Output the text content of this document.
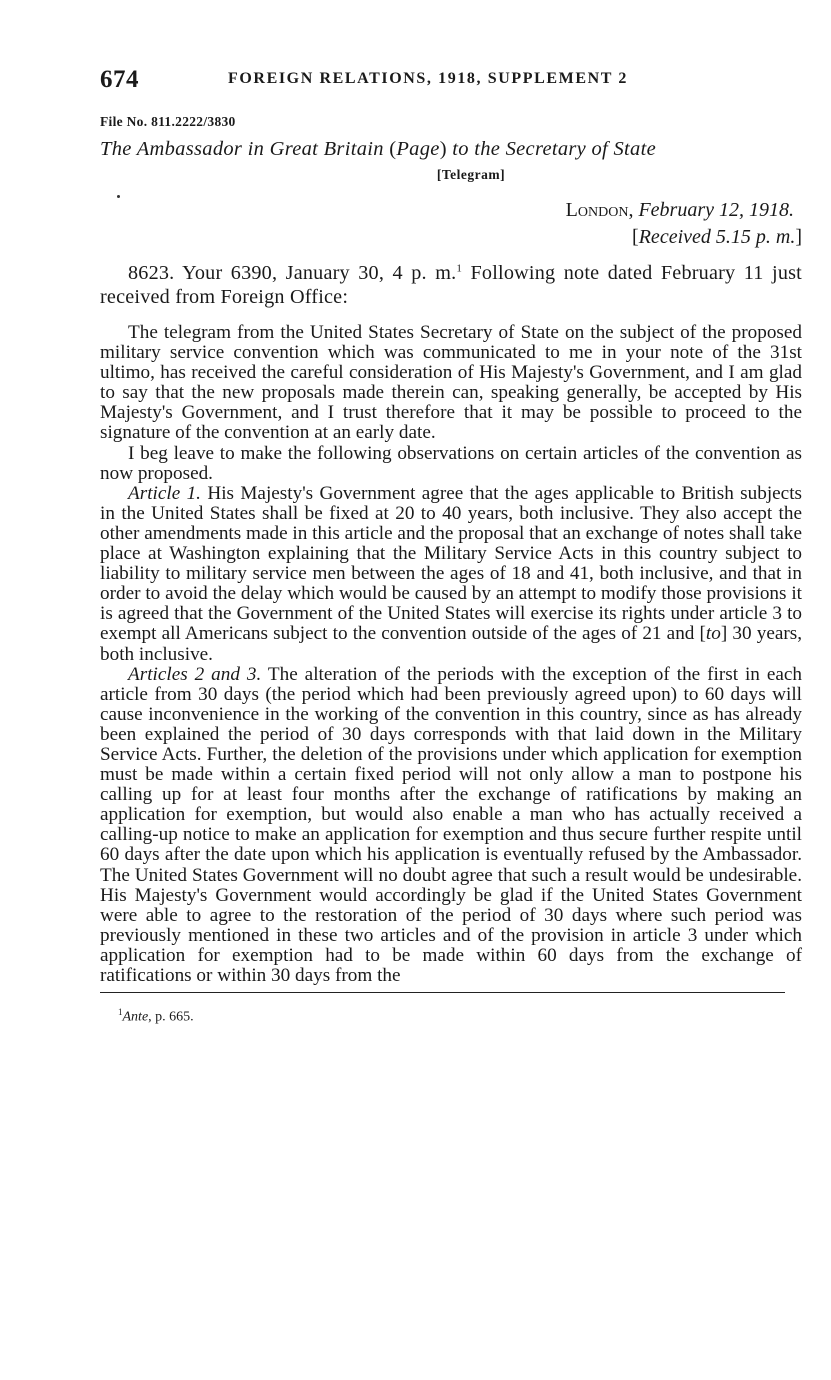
674	FOREIGN RELATIONS, 1918, SUPPLEMENT 2
File No. 811.2222/3830
The Ambassador in Great Britain (Page) to the Secretary of State
[Telegram]
London, February 12, 1918.
[Received 5.15 p. m.]
8623. Your 6390, January 30, 4 p. m.$^1$ Following note dated February 11 just received from Foreign Office:

The telegram from the United States Secretary of State on the subject of the proposed military service convention which was communicated to me in your note of the 31st ultimo, has received the careful consideration of His Majesty's Government, and I am glad to say that the new proposals made therein can, speaking generally, be accepted by His Majesty's Government, and I trust therefore that it may be possible to proceed to the signature of the convention at an early date.

I beg leave to make the following observations on certain articles of the convention as now proposed.

Article 1. His Majesty's Government agree that the ages applicable to British subjects in the United States shall be fixed at 20 to 40 years, both inclusive. They also accept the other amendments made in this article and the proposal that an exchange of notes shall take place at Washington explaining that the Military Service Acts in this country subject to liability to military service men between the ages of 18 and 41, both inclusive, and that in order to avoid the delay which would be caused by an attempt to modify those provisions it is agreed that the Government of the United States will exercise its rights under article 3 to exempt all Americans subject to the convention outside of the ages of 21 and [to] 30 years, both inclusive.

Articles 2 and 3. The alteration of the periods with the exception of the first in each article from 30 days (the period which had been previously agreed upon) to 60 days will cause inconvenience in the working of the convention in this country, since as has already been explained the period of 30 days corresponds with that laid down in the Military Service Acts. Further, the deletion of the provisions under which application for exemption must be made within a certain fixed period will not only allow a man to postpone his calling up for at least four months after the exchange of ratifications by making an application for exemption, but would also enable a man who has actually received a calling-up notice to make an application for exemption and thus secure further respite until 60 days after the date upon which his application is eventually refused by the Ambassador. The United States Government will no doubt agree that such a result would be undesirable. His Majesty's Government would accordingly be glad if the United States Government were able to agree to the restoration of the period of 30 days where such period was previously mentioned in these two articles and of the provision in article 3 under which application for exemption had to be made within 60 days from the exchange of ratifications or within 30 days from the

$^1$Ante, p. 665.
